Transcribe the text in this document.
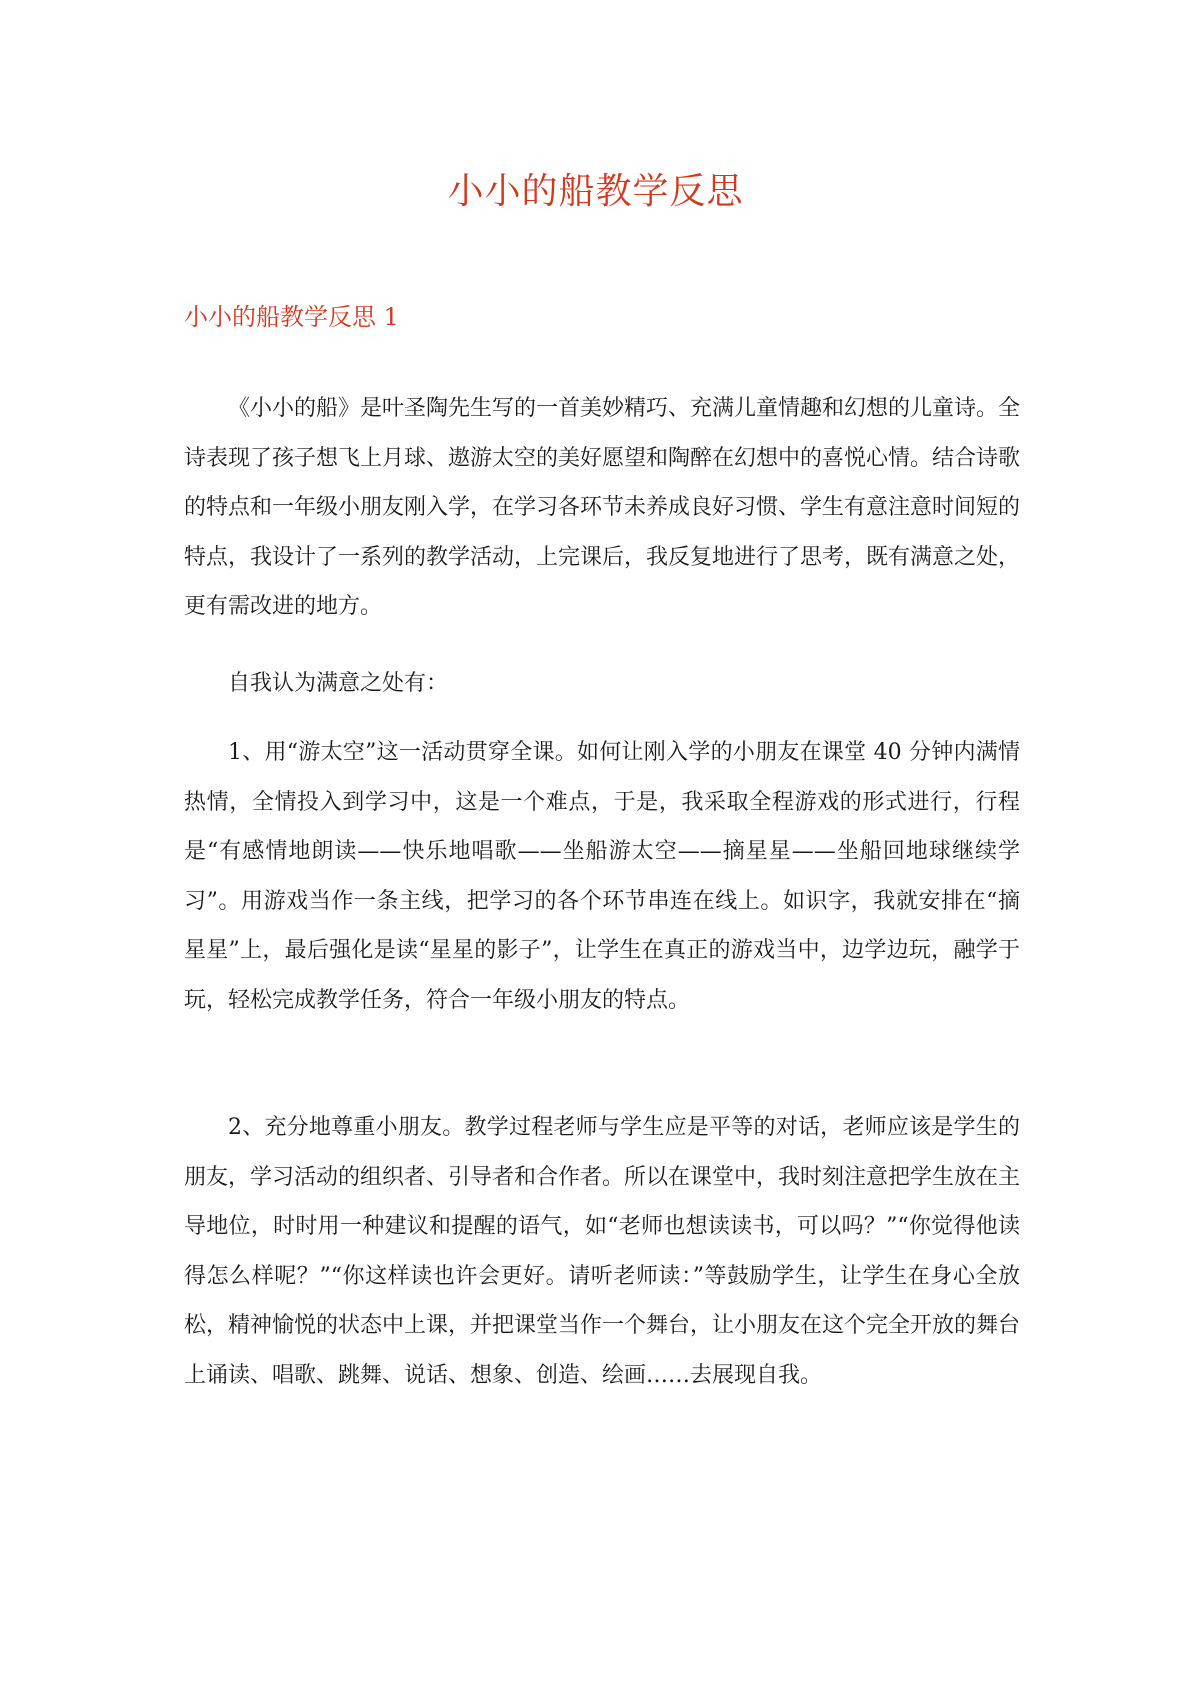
小小的船教学反思
小小的船教学反思 1

《小小的船》是叶圣陶先生写的一首美妙精巧、充满儿童情趣和幻想的儿童诗。全诗表现了孩子想飞上月球、遨游太空的美好愿望和陶醉在幻想中的喜悦心情。结合诗歌的特点和一年级小朋友刚入学，在学习各环节未养成良好习惯、学生有意注意时间短的特点，我设计了一系列的教学活动，上完课后，我反复地进行了思考，既有满意之处，更有需改进的地方。

自我认为满意之处有：

1、用“游太空”这一活动贯穿全课。如何让刚入学的小朋友在课堂 40 分钟内满情热情，全情投入到学习中，这是一个难点，于是，我采取全程游戏的形式进行，行程是“有感情地朗读——快乐地唱歌——坐船游太空——摘星星——坐船回地球继续学习”。用游戏当作一条主线，把学习的各个环节串连在线上。如识字，我就安排在“摘星星”上，最后强化是读“星星的影子”，让学生在真正的游戏当中，边学边玩，融学于玩，轻松完成教学任务，符合一年级小朋友的特点。

2、充分地尊重小朋友。教学过程老师与学生应是平等的对话，老师应该是学生的朋友，学习活动的组织者、引导者和合作者。所以在课堂中，我时刻注意把学生放在主导地位，时时用一种建议和提醒的语气，如“老师也想读读书，可以吗？”“你觉得他读得怎么样呢？”“你这样读也许会更好。请听老师读：”等鼓励学生，让学生在身心全放松，精神愉悦的状态中上课，并把课堂当作一个舞台，让小朋友在这个完全开放的舞台上诵读、唱歌、跳舞、说话、想象、创造、绘画……去展现自我。
